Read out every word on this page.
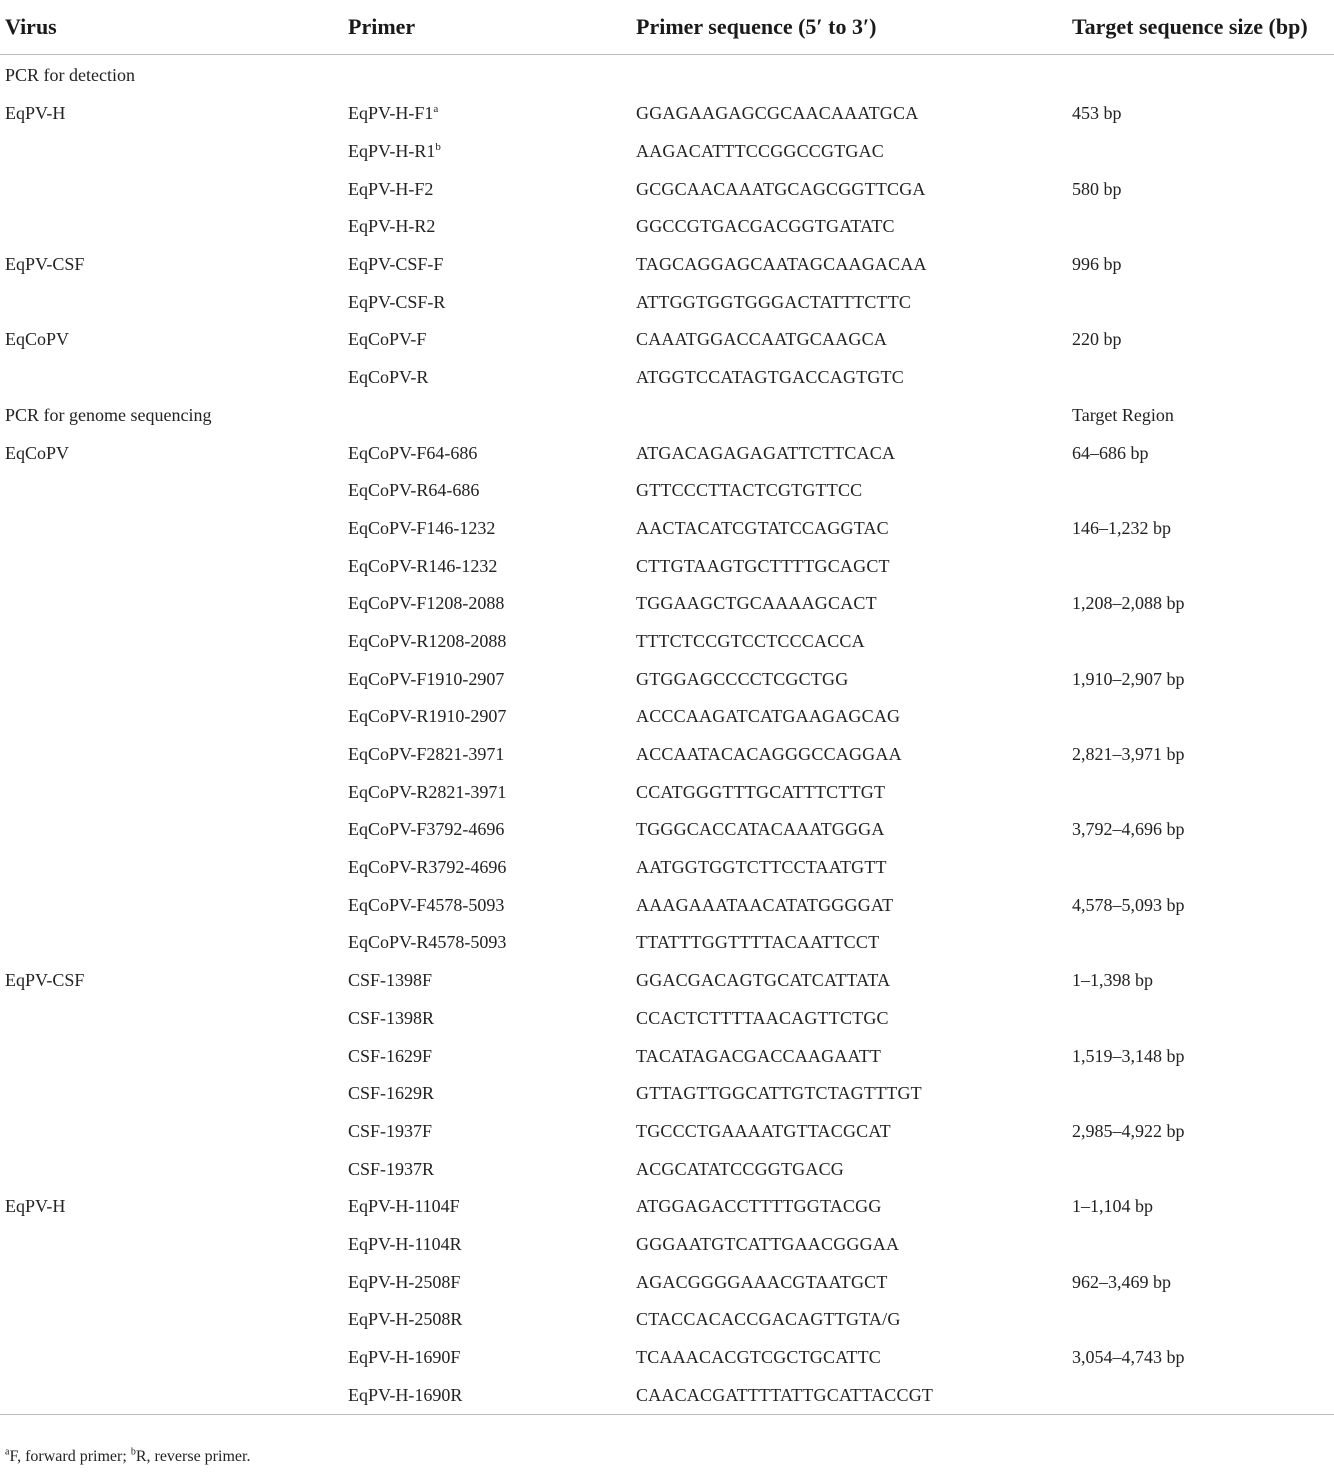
Virus	Primer	Primer sequence (5′ to 3′)	Target sequence size (bp)
PCR for detection			
EqPV-H	EqPV-H-F1$^a$	GGAGAAGAGCGCAACAAATGCA	453 bp
	EqPV-H-R1$^b$	AAGACATTTCCGGCCGTGAC	
	EqPV-H-F2	GCGCAACAAATGCAGCGGTTCGA	580 bp
	EqPV-H-R2	GGCCGTGACGACGGTGATATC	
EqPV-CSF	EqPV-CSF-F	TAGCAGGAGCAATAGCAAGACAA	996 bp
	EqPV-CSF-R	ATTGGTGGTGGGACTATTTCTTC	
EqCoPV	EqCoPV-F	CAAATGGACCAATGCAAGCA	220 bp
	EqCoPV-R	ATGGTCCATAGTGACCAGTGTC	
PCR for genome sequencing			Target Region
EqCoPV	EqCoPV-F64-686	ATGACAGAGAGATTCTTCACA	64–686 bp
	EqCoPV-R64-686	GTTCCCTTACTCGTGTTCC	
	EqCoPV-F146-1232	AACTACATCGTATCCAGGTAC	146–1,232 bp
	EqCoPV-R146-1232	CTTGTAAGTGCTTTTGCAGCT	
	EqCoPV-F1208-2088	TGGAAGCTGCAAAAGCACT	1,208–2,088 bp
	EqCoPV-R1208-2088	TTTCTCCGTCCTCCCACCA	
	EqCoPV-F1910-2907	GTGGAGCCCCTCGCTGG	1,910–2,907 bp
	EqCoPV-R1910-2907	ACCCAAGATCATGAAGAGCAG	
	EqCoPV-F2821-3971	ACCAATACACAGGGCCAGGAA	2,821–3,971 bp
	EqCoPV-R2821-3971	CCATGGGTTTGCATTTCTTGT	
	EqCoPV-F3792-4696	TGGGCACCATACAAATGGGA	3,792–4,696 bp
	EqCoPV-R3792-4696	AATGGTGGTCTTCCTAATGTT	
	EqCoPV-F4578-5093	AAAGAAATAACATATGGGGAT	4,578–5,093 bp
	EqCoPV-R4578-5093	TTATTTGGTTTTACAATTCCT	
EqPV-CSF	CSF-1398F	GGACGACAGTGCATCATTATA	1–1,398 bp
	CSF-1398R	CCACTCTTTTAACAGTTCTGC	
	CSF-1629F	TACATAGACGACCAAGAATT	1,519–3,148 bp
	CSF-1629R	GTTAGTTGGCATTGTCTAGTTTGT	
	CSF-1937F	TGCCCTGAAAATGTTACGCAT	2,985–4,922 bp
	CSF-1937R	ACGCATATCCGGTGACG	
EqPV-H	EqPV-H-1104F	ATGGAGACCTTTTGGTACGG	1–1,104 bp
	EqPV-H-1104R	GGGAATGTCATTGAACGGGAA	
	EqPV-H-2508F	AGACGGGGAAACGTAATGCT	962–3,469 bp
	EqPV-H-2508R	CTACCACACCGACAGTTGTA/G	
	EqPV-H-1690F	TCAAACACGTCGCTGCATTC	3,054–4,743 bp
	EqPV-H-1690R	CAACACGATTTTATTGCATTACCGT	
$^a$F, forward primer; $^b$R, reverse primer.
